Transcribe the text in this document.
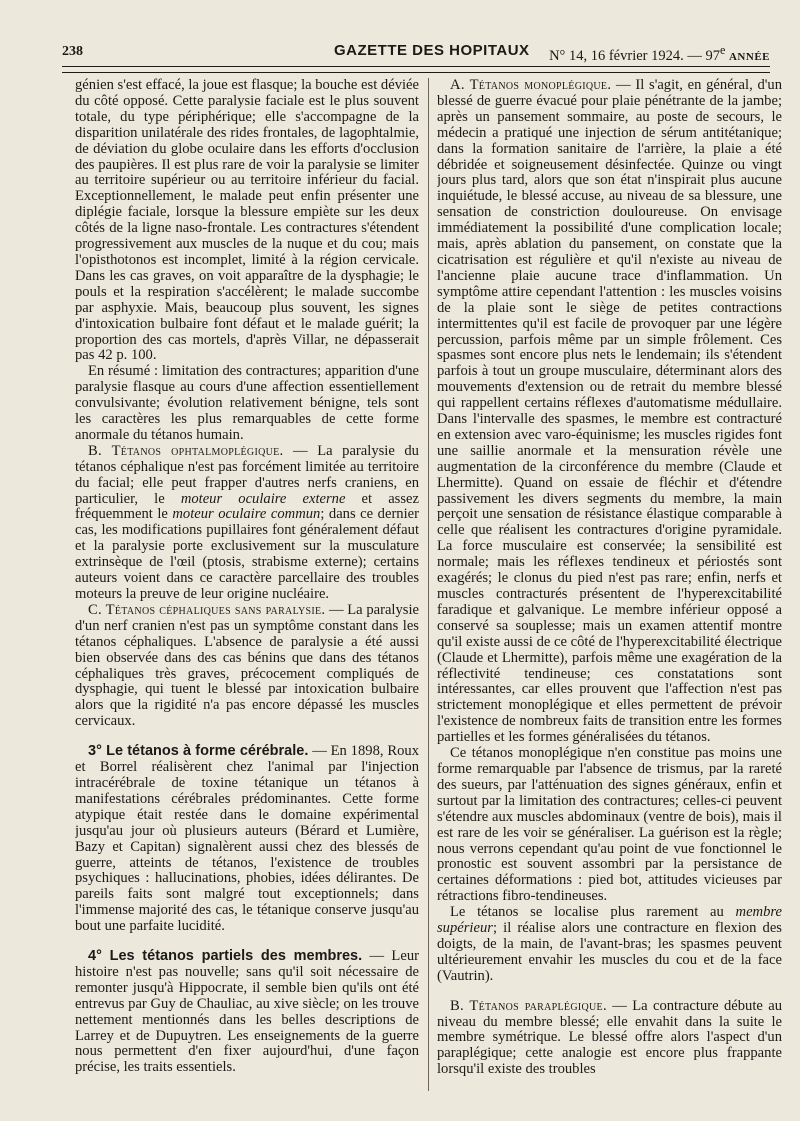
238	GAZETTE DES HOPITAUX N° 14, 16 février 1924. — 97e ANNÉE

génien s'est effacé, la joue est flasque; la bouche est déviée du côté opposé. Cette paralysie faciale est le plus souvent totale, du type périphérique; elle s'accompagne de la disparition unilatérale des rides frontales, de lagophtalmie, de déviation du globe oculaire dans les efforts d'occlusion des paupières. Il est plus rare de voir la paralysie se limiter au territoire supérieur ou au territoire inférieur du facial. Exceptionnellement, le malade peut enfin présenter une diplégie faciale, lorsque la blessure empiète sur les deux côtés de la ligne naso-frontale. Les contractures s'étendent progressivement aux muscles de la nuque et du cou; mais l'opisthotonos est incomplet, limité à la région cervicale. Dans les cas graves, on voit apparaître de la dysphagie; le pouls et la respiration s'accélèrent; le malade succombe par asphyxie. Mais, beaucoup plus souvent, les signes d'intoxication bulbaire font défaut et le malade guérit; la proportion des cas mortels, d'après Villar, ne dépasserait pas 42 p. 100.

En résumé : limitation des contractures; apparition d'une paralysie flasque au cours d'une affection essentiellement convulsivante; évolution relativement bénigne, tels sont les caractères les plus remarquables de cette forme anormale du tétanos humain.

B. Tétanos ophtalmoplégique. — La paralysie du tétanos céphalique n'est pas forcément limitée au territoire du facial; elle peut frapper d'autres nerfs craniens, en particulier, le moteur oculaire externe et assez fréquemment le moteur oculaire commun; dans ce dernier cas, les modifications pupillaires font généralement défaut et la paralysie porte exclusivement sur la musculature extrinsèque de l'œil (ptosis, strabisme externe); certains auteurs voient dans ce caractère parcellaire des troubles moteurs la preuve de leur origine nucléaire.

C. Tétanos céphaliques sans paralysie. — La paralysie d'un nerf cranien n'est pas un symptôme constant dans les tétanos céphaliques. L'absence de paralysie a été aussi bien observée dans des cas bénins que dans des tétanos céphaliques très graves, précocement compliqués de dysphagie, qui tuent le blessé par intoxication bulbaire alors que la rigidité n'a pas encore dépassé les muscles cervicaux.

3° Le tétanos à forme cérébrale. — En 1898, Roux et Borrel réalisèrent chez l'animal par l'injection intracérébrale de toxine tétanique un tétanos à manifestations cérébrales prédominantes. Cette forme atypique était restée dans le domaine expérimental jusqu'au jour où plusieurs auteurs (Bérard et Lumière, Bazy et Capitan) signalèrent aussi chez des blessés de guerre, atteints de tétanos, l'existence de troubles psychiques : hallucinations, phobies, idées délirantes. De pareils faits sont malgré tout exceptionnels; dans l'immense majorité des cas, le tétanique conserve jusqu'au bout une parfaite lucidité.

4° Les tétanos partiels des membres. — Leur histoire n'est pas nouvelle; sans qu'il soit nécessaire de remonter jusqu'à Hippocrate, il semble bien qu'ils ont été entrevus par Guy de Chauliac, au xive siècle; on les trouve nettement mentionnés dans les belles descriptions de Larrey et de Dupuytren. Les enseignements de la guerre nous permettent d'en fixer aujourd'hui, d'une façon précise, les traits essentiels.

A. Tétanos monoplégique. — Il s'agit, en général, d'un blessé de guerre évacué pour plaie pénétrante de la jambe; après un pansement sommaire, au poste de secours, le médecin a pratiqué une injection de sérum antitétanique; dans la formation sanitaire de l'arrière, la plaie a été débridée et soigneusement désinfectée. Quinze ou vingt jours plus tard, alors que son état n'inspirait plus aucune inquiétude, le blessé accuse, au niveau de sa blessure, une sensation de constriction douloureuse. On envisage immédiatement la possibilité d'une complication locale; mais, après ablation du pansement, on constate que la cicatrisation est régulière et qu'il n'existe au niveau de l'ancienne plaie aucune trace d'inflammation. Un symptôme attire cependant l'attention : les muscles voisins de la plaie sont le siège de petites contractions intermittentes qu'il est facile de provoquer par une légère percussion, parfois même par un simple frôlement. Ces spasmes sont encore plus nets le lendemain; ils s'étendent parfois à tout un groupe musculaire, déterminant alors des mouvements d'extension ou de retrait du membre blessé qui rappellent certains réflexes d'automatisme médullaire. Dans l'intervalle des spasmes, le membre est contracturé en extension avec varo-équinisme; les muscles rigides font une saillie anormale et la mensuration révèle une augmentation de la circonférence du membre (Claude et Lhermitte). Quand on essaie de fléchir et d'étendre passivement les divers segments du membre, la main perçoit une sensation de résistance élastique comparable à celle que réalisent les contractures d'origine pyramidale. La force musculaire est conservée; la sensibilité est normale; mais les réflexes tendineux et périostés sont exagérés; le clonus du pied n'est pas rare; enfin, nerfs et muscles contracturés présentent de l'hyperexcitabilité faradique et galvanique. Le membre inférieur opposé a conservé sa souplesse; mais un examen attentif montre qu'il existe aussi de ce côté de l'hyperexcitabilité électrique (Claude et Lhermitte), parfois même une exagération de la réflectivité tendineuse; ces constatations sont intéressantes, car elles prouvent que l'affection n'est pas strictement monoplégique et elles permettent de prévoir l'existence de nombreux faits de transition entre les formes partielles et les formes généralisées du tétanos.

Ce tétanos monoplégique n'en constitue pas moins une forme remarquable par l'absence de trismus, par la rareté des sueurs, par l'atténuation des signes généraux, enfin et surtout par la limitation des contractures; celles-ci peuvent s'étendre aux muscles abdominaux (ventre de bois), mais il est rare de les voir se généraliser. La guérison est la règle; nous verrons cependant qu'au point de vue fonctionnel le pronostic est souvent assombri par la persistance de certaines déformations : pied bot, attitudes vicieuses par rétractions fibro-tendineuses.

Le tétanos se localise plus rarement au membre supérieur; il réalise alors une contracture en flexion des doigts, de la main, de l'avant-bras; les spasmes peuvent ultérieurement envahir les muscles du cou et de la face (Vautrin).

B. Tétanos paraplégique. — La contracture débute au niveau du membre blessé; elle envahit dans la suite le membre symétrique. Le blessé offre alors l'aspect d'un paraplégique; cette analogie est encore plus frappante lorsqu'il existe des troubles
